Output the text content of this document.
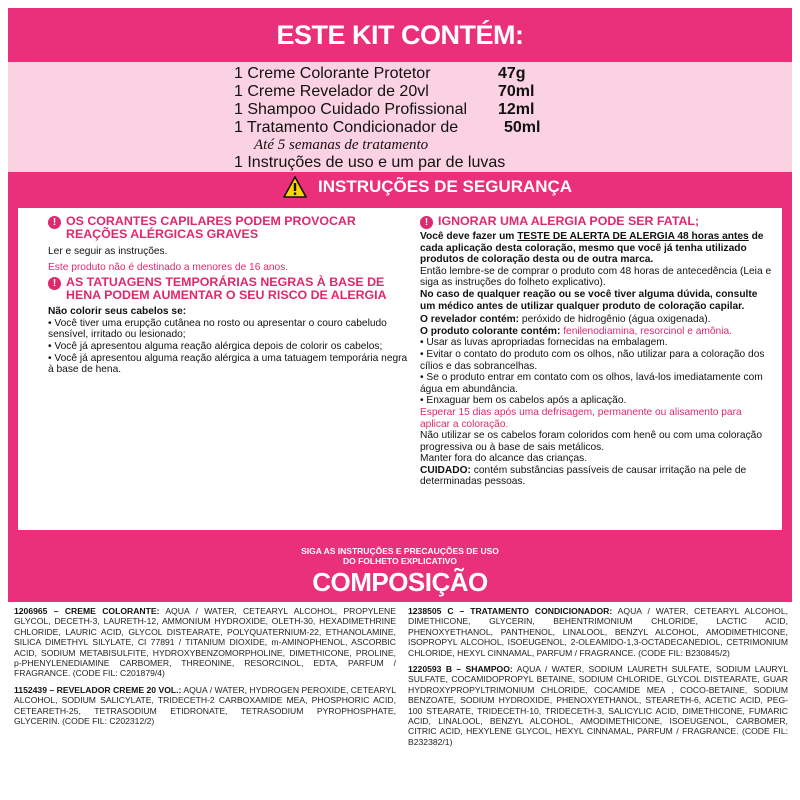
ESTE KIT CONTÉM:
1 Creme Colorante Protetor	47g
1 Creme Revelador de 20vl	70ml
1 Shampoo Cuidado Profissional 12ml
1 Tratamento Condicionador de	50ml
Até 5 semanas de tratamento
1 Instruções de uso e um par de luvas
INSTRUÇÕES DE SEGURANÇA
! OS CORANTES CAPILARES PODEM PROVOCAR REAÇÕES ALÉRGICAS GRAVES

Ler e seguir as instruções.

Este produto não é destinado a menores de 16 anos.

! AS TATUAGENS TEMPORÁRIAS NEGRAS À BASE DE HENA PODEM AUMENTAR O SEU RISCO DE ALERGIA

Não colorir seus cabelos se:

• Você tiver uma erupção cutânea no rosto ou apresentar o couro cabeludo sensível, irritado ou lesionado;

• Você já apresentou alguma reação alérgica depois de colorir os cabelos;

• Você já apresentou alguma reação alérgica a uma tatuagem temporária negra à base de hena.

! IGNORAR UMA ALERGIA PODE SER FATAL;

Você deve fazer um TESTE DE ALERTA DE ALERGIA 48 horas antes de cada aplicação desta coloração, mesmo que você já tenha utilizado produtos de coloração desta ou de outra marca.

Então lembre-se de comprar o produto com 48 horas de antecedência (Leia e siga as instruções do folheto explicativo).

No caso de qualquer reação ou se você tiver alguma dúvida, consulte um médico antes de utilizar qualquer produto de coloração capilar.

O revelador contém: peróxido de hidrogênio (água oxigenada).

O produto colorante contém: fenilenodiamina, resorcinol e amônia.

• Usar as luvas apropriadas fornecidas na embalagem.

• Evitar o contato do produto com os olhos, não utilizar para a coloração dos cílios e das sobrancelhas.

• Se o produto entrar em contato com os olhos, lavá-los imediatamente com água em abundância.

• Enxaguar bem os cabelos após a aplicação.

Esperar 15 dias após uma defrisagem, permanente ou alisamento para aplicar a coloração.

Não utilizar se os cabelos foram coloridos com henê ou com uma coloração progressiva ou à base de sais metálicos.

Manter fora do alcance das crianças.

CUIDADO: contém substâncias passíveis de causar irritação na pele de determinadas pessoas.

SIGA AS INSTRUÇÕES E PRECAUÇÕES DE USO
DO FOLHETO EXPLICATIVO
COMPOSIÇÃO

1206965 – CREME COLORANTE: AQUA / WATER, CETEARYL ALCOHOL, PROPYLENE GLYCOL, DECETH-3, LAURETH-12, AMMONIUM HYDROXIDE, OLETH-30, HEXADIMETHRINE CHLORIDE, LAURIC ACID, GLYCOL DISTEARATE, POLYQUATERNIUM-22, ETHANOLAMINE, SILICA DIMETHYL SILYLATE, CI 77891 / TITANIUM DIOXIDE, m-AMINOPHENOL, ASCORBIC ACID, SODIUM METABISULFITE, HYDROXYBENZOMORPHOLINE, DIMETHICONE, PROLINE, p-PHENYLENEDIAMINE CARBOMER, THREONINE, RESORCINOL, EDTA, PARFUM / FRAGRANCE. (CODE FIL: C201879/4)

1152439 – REVELADOR CREME 20 VOL.: AQUA / WATER, HYDROGEN PEROXIDE, CETEARYL ALCOHOL, SODIUM SALICYLATE, TRIDECETH-2 CARBOXAMIDE MEA, PHOSPHORIC ACID, CETEARETH-25, TETRASODIUM ETIDRONATE, TETRASODIUM PYROPHOSPHATE, GLYCERIN. (CODE FIL: C202312/2)

1238505 C – TRATAMENTO CONDICIONADOR: AQUA / WATER, CETEARYL ALCOHOL, DIMETHICONE, GLYCERIN, BEHENTRIMONIUM CHLORIDE, LACTIC ACID, PHENOXYETHANOL, PANTHENOL, LINALOOL, BENZYL ALCOHOL, AMODIMETHICONE, ISOPROPYL ALCOHOL, ISOEUGENOL, 2-OLEAMIDO-1,3-OCTADECANEDIOL, CETRIMONIUM CHLORIDE, HEXYL CINNAMAL, PARFUM / FRAGRANCE. (CODE FIL: B230845/2)

1220593 B – SHAMPOO: AQUA / WATER, SODIUM LAURETH SULFATE, SODIUM LAURYL SULFATE, COCAMIDOPROPYL BETAINE, SODIUM CHLORIDE, GLYCOL DISTEARATE, GUAR HYDROXYPROPYLTRIMONIUM CHLORIDE, COCAMIDE MEA , COCO-BETAINE, SODIUM BENZOATE, SODIUM HYDROXIDE, PHENOXYETHANOL, STEARETH-6, ACETIC ACID, PEG-100 STEARATE, TRIDECETH-10, TRIDECETH-3, SALICYLIC ACID, DIMETHICONE, FUMARIC ACID, LINALOOL, BENZYL ALCOHOL, AMODIMETHICONE, ISOEUGENOL, CARBOMER, CITRIC ACID, HEXYLENE GLYCOL, HEXYL CINNAMAL, PARFUM / FRAGRANCE. (CODE FIL: B232382/1)
